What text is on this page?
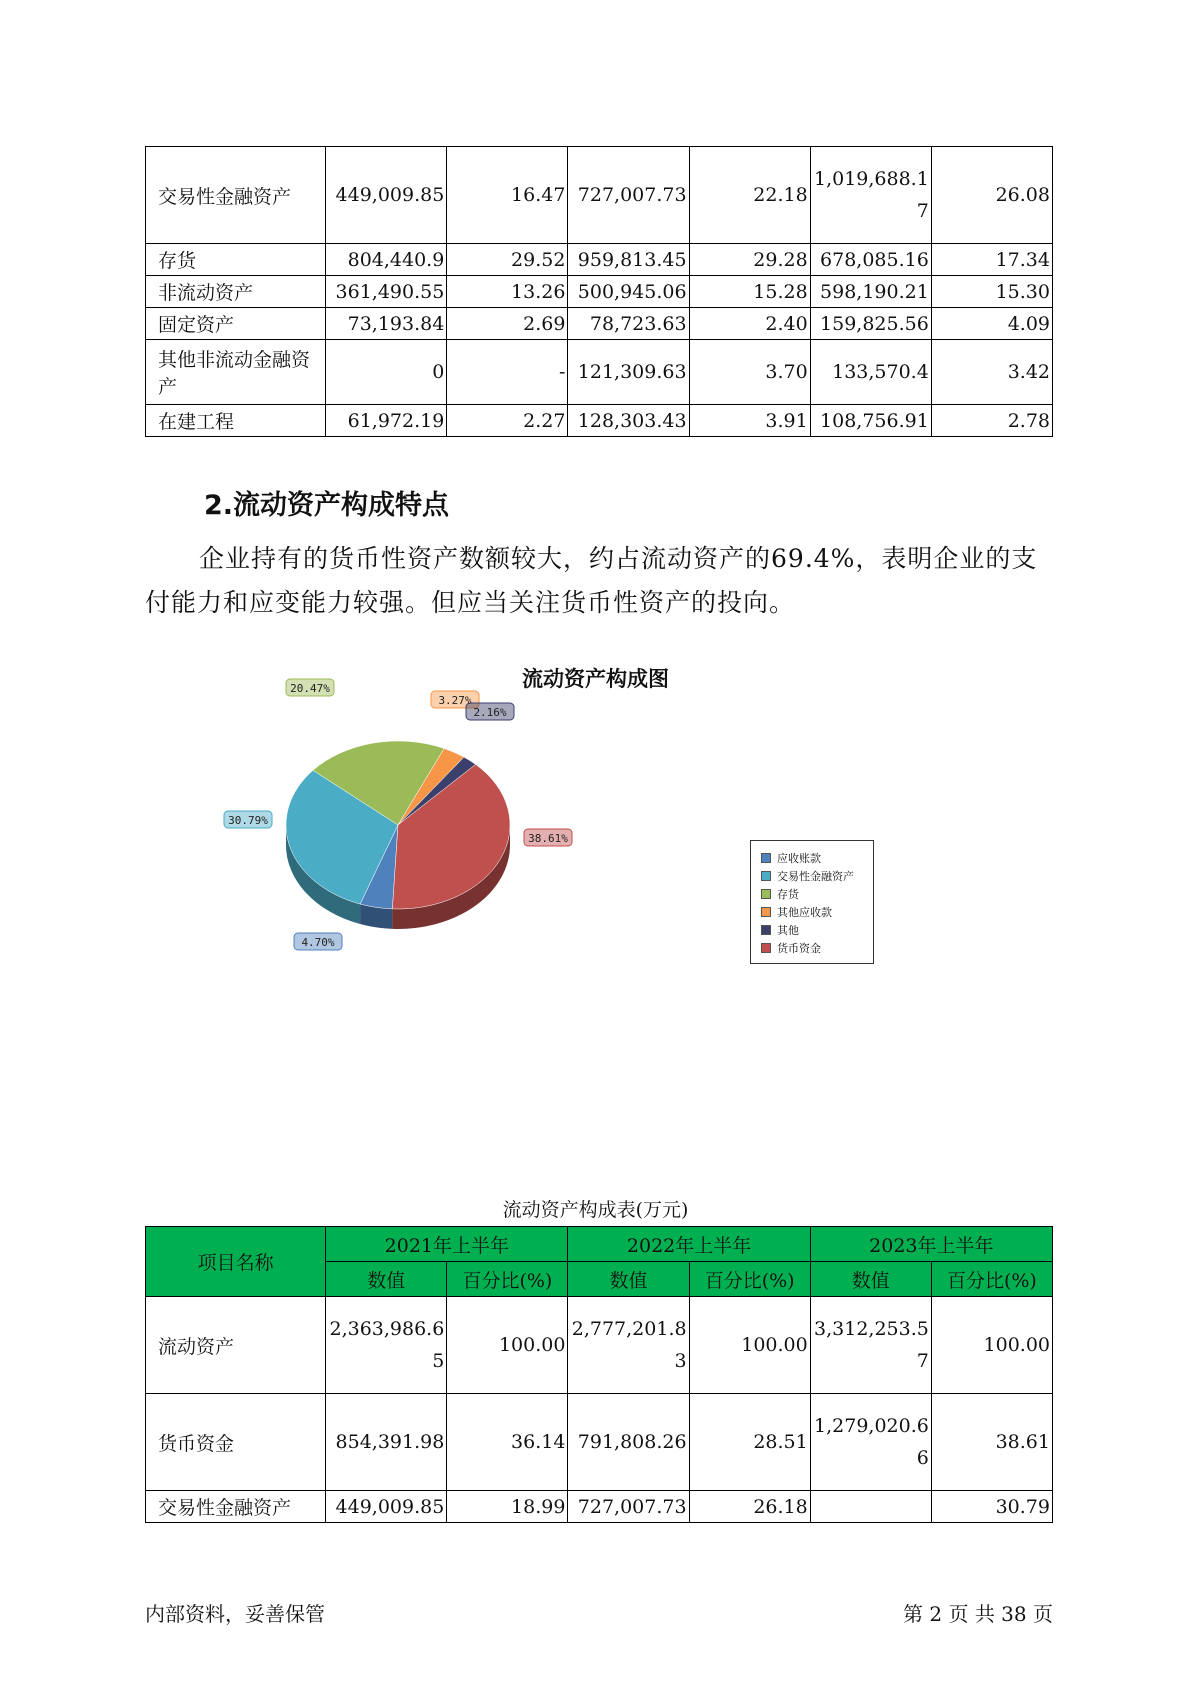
交易性金融资产	449,009.85	16.47	727,007.73	22.18	1,019,688.17	26.08
存货	804,440.9	29.52	959,813.45	29.28	678,085.16	17.34
非流动资产	361,490.55	13.26	500,945.06	15.28	598,190.21	15.30
固定资产	73,193.84	2.69	78,723.63	2.40	159,825.56	4.09
其他非流动金融资产	0	-	121,309.63	3.70	133,570.4	3.42
在建工程	61,972.19	2.27	128,303.43	3.91	108,756.91	2.78
2.流动资产构成特点

企业持有的货币性资产数额较大，约占流动资产的69.4%，表明企业的支付能力和应变能力较强。但应当关注货币性资产的投向。

流动资产构成图
4.70%
30.79%
20.47%
3.27%
2.16%
38.61%
应收账款
交易性金融资产
存货
其他应收款
其他
货币资金
流动资产构成表(万元)
项目名称	2021年上半年		2022年上半年		2023年上半年	
	数值	百分比(%)	数值	百分比(%)	数值	百分比(%)
流动资产	2,363,986.65	100.00	2,777,201.83	100.00	3,312,253.57	100.00
货币资金	854,391.98	36.14	791,808.26	28.51	1,279,020.66	38.61
交易性金融资产	449,009.85	18.99	727,007.73	26.18		30.79
内部资料，妥善保管	第 2 页 共 38 页
